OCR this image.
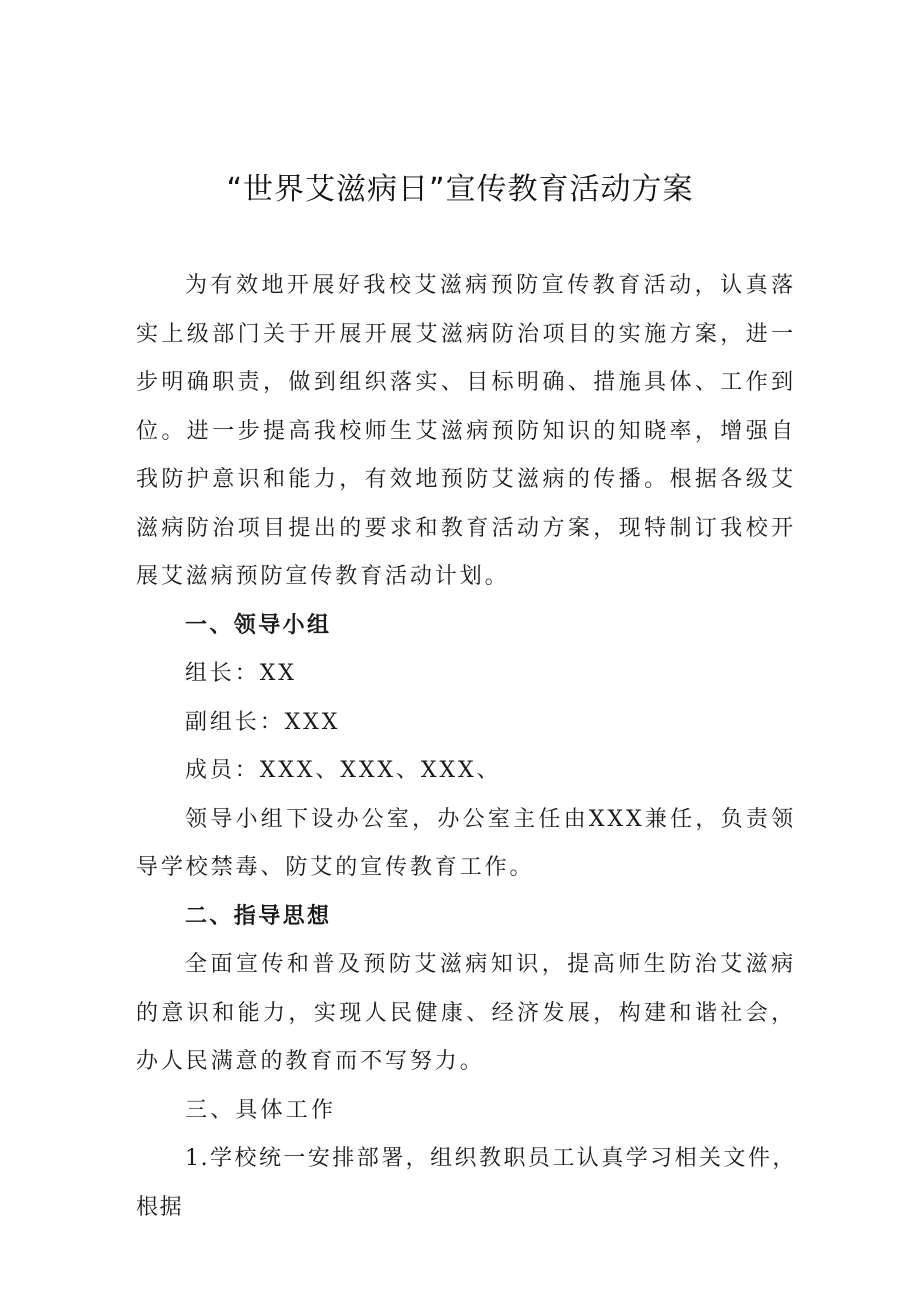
“世界艾滋病日”宣传教育活动方案

为有效地开展好我校艾滋病预防宣传教育活动，认真落实上级部门关于开展开展艾滋病防治项目的实施方案，进一步明确职责，做到组织落实、目标明确、措施具体、工作到位。进一步提高我校师生艾滋病预防知识的知晓率，增强自我防护意识和能力，有效地预防艾滋病的传播。根据各级艾滋病防治项目提出的要求和教育活动方案，现特制订我校开展艾滋病预防宣传教育活动计划。

一、领导小组

组长：XX

副组长：XXX

成员：XXX、XXX、XXX、

领导小组下设办公室，办公室主任由XXX兼任，负责领导学校禁毒、防艾的宣传教育工作。

二、指导思想

全面宣传和普及预防艾滋病知识，提高师生防治艾滋病的意识和能力，实现人民健康、经济发展，构建和谐社会，办人民满意的教育而不写努力。

三、具体工作

1.学校统一安排部署，组织教职员工认真学习相关文件，根据
